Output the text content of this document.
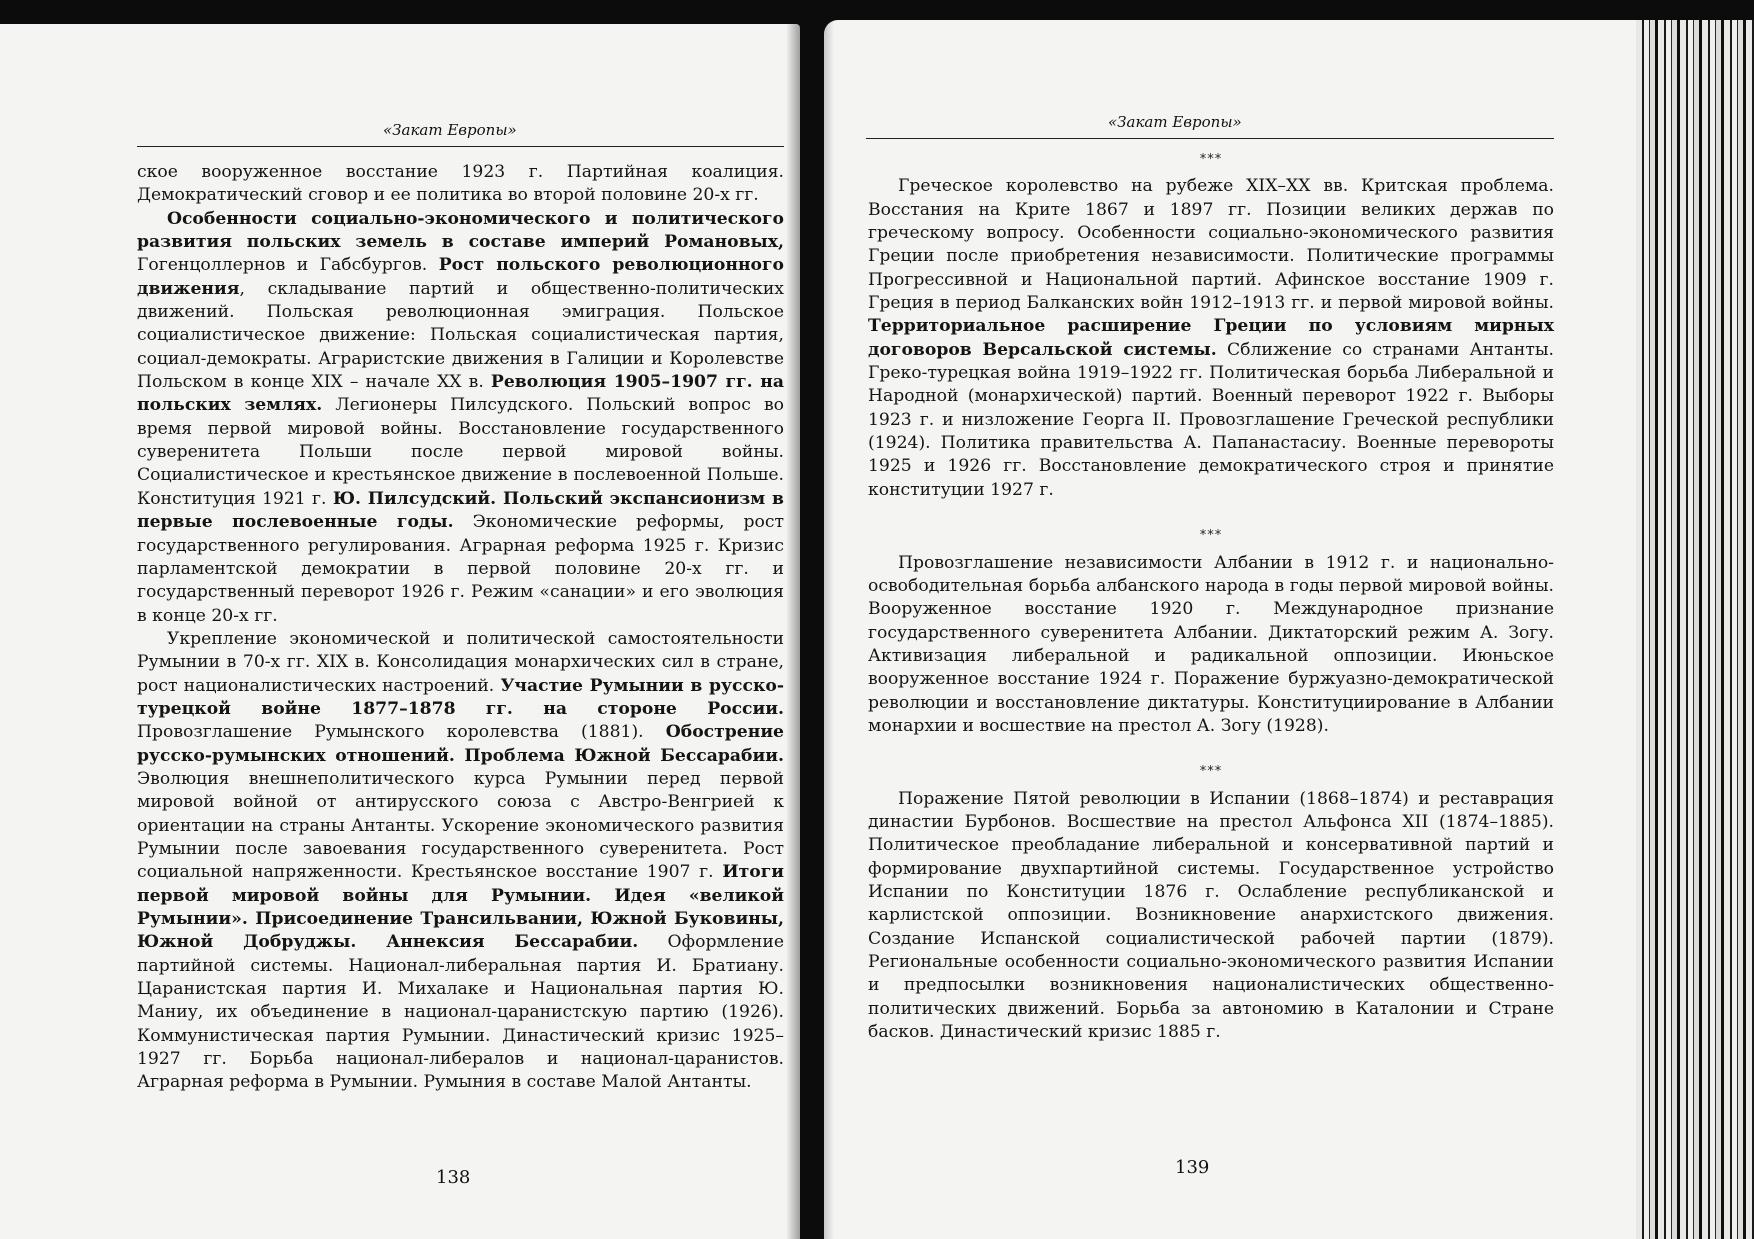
«Закат Европы»

ское вооруженное восстание 1923 г. Партийная коалиция. Демократический сговор и ее политика во второй половине 20-х гг.

Особенности социально-экономического и политического развития польских земель в составе империй Романовых, Гогенцоллернов и Габсбургов. Рост польского революционного движения, складывание партий и общественно-политических движений. Польская революционная эмиграция. Польское социалистическое движение: Польская социалистическая партия, социал-демократы. Аграристские движения в Галиции и Королевстве Польском в конце XIX – начале XX в. Революция 1905–1907 гг. на польских землях. Легионеры Пилсудского. Польский вопрос во время первой мировой войны. Восстановление государственного суверенитета Польши после первой мировой войны. Социалистическое и крестьянское движение в послевоенной Польше. Конституция 1921 г. Ю. Пилсудский. Польский экспансионизм в первые послевоенные годы. Экономические реформы, рост государственного регулирования. Аграрная реформа 1925 г. Кризис парламентской демократии в первой половине 20-х гг. и государственный переворот 1926 г. Режим «санации» и его эволюция в конце 20-х гг.

Укрепление экономической и политической самостоятельности Румынии в 70-х гг. XIX в. Консолидация монархических сил в стране, рост националистических настроений. Участие Румынии в русско-турецкой войне 1877–1878 гг. на стороне России. Провозглашение Румынского королевства (1881). Обострение русско-румынских отношений. Проблема Южной Бессарабии. Эволюция внешнеполитического курса Румынии перед первой мировой войной от антирусского союза с Австро-Венгрией к ориентации на страны Антанты. Ускорение экономического развития Румынии после завоевания государственного суверенитета. Рост социальной напряженности. Крестьянское восстание 1907 г. Итоги первой мировой войны для Румынии. Идея «великой Румынии». Присоединение Трансильвании, Южной Буковины, Южной Добруджы. Аннексия Бессарабии. Оформление партийной системы. Национал-либеральная партия И. Братиану. Царанистская партия И. Михалаке и Национальная партия Ю. Маниу, их объединение в национал-царанистскую партию (1926). Коммунистическая партия Румынии. Династический кризис 1925–1927 гг. Борьба национал-либералов и национал-царанистов. Аграрная реформа в Румынии. Румыния в составе Малой Антанты.

138
«Закат Европы»

***

Греческое королевство на рубеже XIX–XX вв. Критская проблема. Восстания на Крите 1867 и 1897 гг. Позиции великих держав по греческому вопросу. Особенности социально-экономического развития Греции после приобретения независимости. Политические программы Прогрессивной и Национальной партий. Афинское восстание 1909 г. Греция в период Балканских войн 1912–1913 гг. и первой мировой войны. Территориальное расширение Греции по условиям мирных договоров Версальской системы. Сближение со странами Антанты. Греко-турецкая война 1919–1922 гг. Политическая борьба Либеральной и Народной (монархической) партий. Военный переворот 1922 г. Выборы 1923 г. и низложение Георга II. Провозглашение Греческой республики (1924). Политика правительства А. Папанастасиу. Военные перевороты 1925 и 1926 гг. Восстановление демократического строя и принятие конституции 1927 г.

***

Провозглашение независимости Албании в 1912 г. и национально-освободительная борьба албанского народа в годы первой мировой войны. Вооруженное восстание 1920 г. Международное признание государственного суверенитета Албании. Диктаторский режим А. Зогу. Активизация либеральной и радикальной оппозиции. Июньское вооруженное восстание 1924 г. Поражение буржуазно-демократической революции и восстановление диктатуры. Конституциирование в Албании монархии и восшествие на престол А. Зогу (1928).

***

Поражение Пятой революции в Испании (1868–1874) и реставрация династии Бурбонов. Восшествие на престол Альфонса XII (1874–1885). Политическое преобладание либеральной и консервативной партий и формирование двухпартийной системы. Государственное устройство Испании по Конституции 1876 г. Ослабление республиканской и карлистской оппозиции. Возникновение анархистского движения. Создание Испанской социалистической рабочей партии (1879). Региональные особенности социально-экономического развития Испании и предпосылки возникновения националистических общественно-политических движений. Борьба за автономию в Каталонии и Стране басков. Династический кризис 1885 г.

139
